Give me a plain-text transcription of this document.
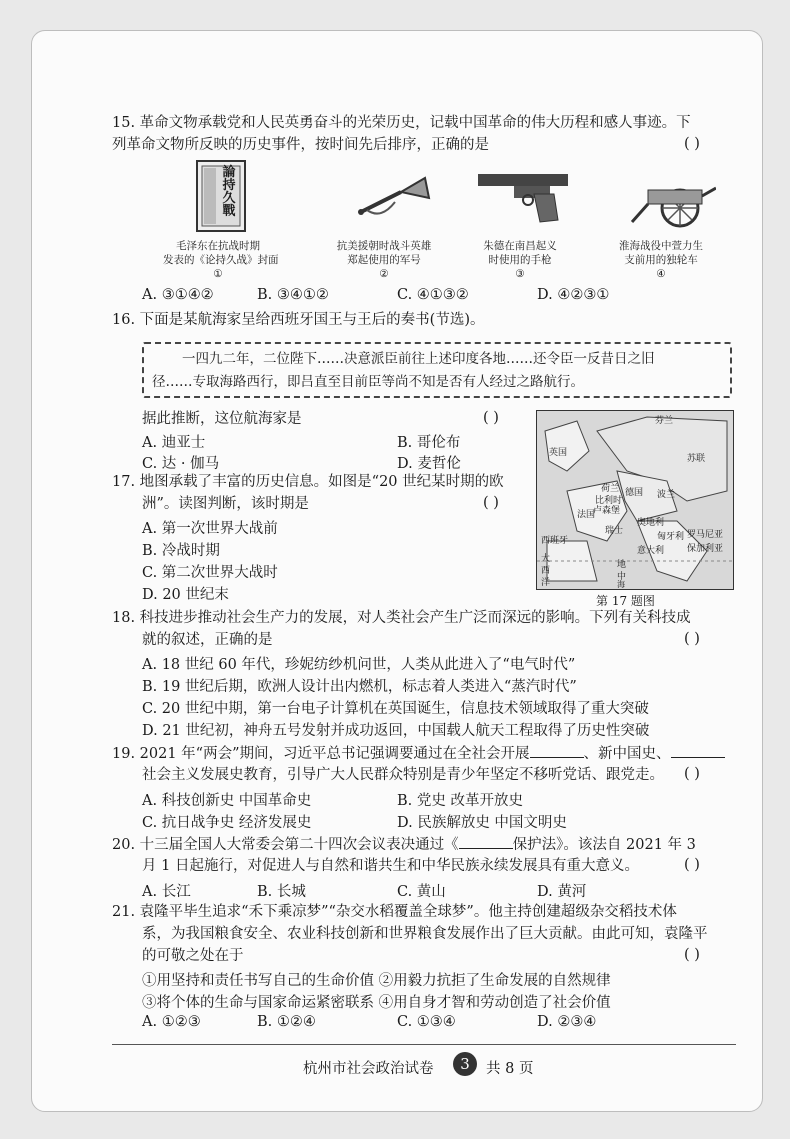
15. 革命文物承载党和人民英勇奋斗的光荣历史，记载中国革命的伟大历程和感人事迹。下
列革命文物所反映的历史事件，按时间先后排序，正确的是	( )
論持久戰
毛泽东在抗战时期
发表的《论持久战》封面
①
抗美援朝时战斗英雄
郑起使用的军号
②
朱德在南昌起义
时使用的手枪
③
淮海战役中萱力生
支前用的独轮车
④
A. ③①④②	B. ③④①②	C. ④①③②	D. ④②③①
16. 下面是某航海家呈给西班牙国王与王后的奏书(节选)。
一四九二年，二位陛下……决意派臣前往上述印度各地……还令臣一反昔日之旧
径……专取海路西行，即吕直至目前臣等尚不知是否有人经过之路航行。
据此推断，这位航海家是	( )
A. 迪亚士	B. 哥伦布
C. 达 · 伽马	D. 麦哲伦
芬兰
苏联
英国
法国
德国 波兰
荷兰
比利时
卢森堡
奥地利
瑞士
西班牙	匈牙利 罗马尼亚
保加利亚
意大利
大
西
洋
地
中
海
第 17 题图
17. 地图承载了丰富的历史信息。如图是“20 世纪某时期的欧
洲”。读图判断，该时期是	( )
A. 第一次世界大战前
B. 冷战时期
C. 第二次世界大战时
D. 20 世纪末
18. 科技进步推动社会生产力的发展，对人类社会产生广泛而深远的影响。下列有关科技成
就的叙述，正确的是	( )
A. 18 世纪 60 年代，珍妮纺纱机问世，人类从此进入了“电气时代”
B. 19 世纪后期，欧洲人设计出内燃机，标志着人类进入“蒸汽时代”
C. 20 世纪中期，第一台电子计算机在英国诞生，信息技术领域取得了重大突破
D. 21 世纪初，神舟五号发射并成功返回，中国载人航天工程取得了历史性突破
19. 2021 年“两会”期间，习近平总书记强调要通过在全社会开展	、新中国史、
社会主义发展史教育，引导广大人民群众特别是青少年坚定不移听党话、跟党走。 ( )
A. 科技创新史 中国革命史	B. 党史 改革开放史
C. 抗日战争史 经济发展史	D. 民族解放史 中国文明史
20. 十三届全国人大常委会第二十四次会议表决通过《	保护法》。该法自 2021 年 3
月 1 日起施行，对促进人与自然和谐共生和中华民族永续发展具有重大意义。	( )
A. 长江	B. 长城	C. 黄山	D. 黄河
21. 袁隆平毕生追求“禾下乘凉梦”“杂交水稻覆盖全球梦”。他主持创建超级杂交稻技术体
系，为我国粮食安全、农业科技创新和世界粮食发展作出了巨大贡献。由此可知，袁隆平
的可敬之处在于	( )
①用坚持和责任书写自己的生命价值 ②用毅力抗拒了生命发展的自然规律
③将个体的生命与国家命运紧密联系 ④用自身才智和劳动创造了社会价值
A. ①②③	B. ①②④	C. ①③④	D. ②③④
杭州市社会政治试卷	3	共 8 页
